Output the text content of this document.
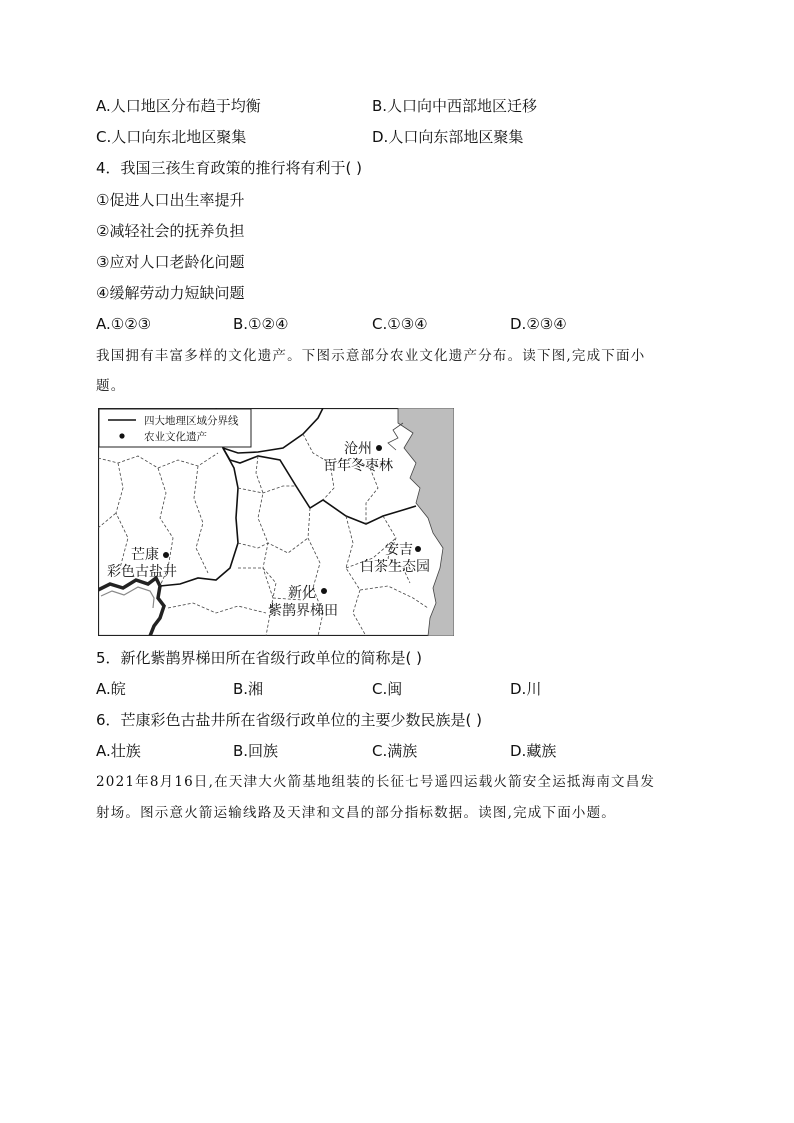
A.人口地区分布趋于均衡	B.人口向中西部地区迁移
C.人口向东北地区聚集	D.人口向东部地区聚集
4．我国三孩生育政策的推行将有利于( )
①促进人口出生率提升
②减轻社会的抚养负担
③应对人口老龄化问题
④缓解劳动力短缺问题
A.①②③	B.①②④	C.①③④	D.②③④
我国拥有丰富多样的文化遗产。下图示意部分农业文化遗产分布。读下图,完成下面小
题。
四大地理区域分界线
农业文化遗产
沧州
百年冬枣林
芒康
彩色古盐井
安吉
白茶生态园
新化
紫鹊界梯田
5．新化紫鹊界梯田所在省级行政单位的简称是( )
A.皖	B.湘	C.闽	D.川
6．芒康彩色古盐井所在省级行政单位的主要少数民族是( )
A.壮族	B.回族	C.满族	D.藏族
2021年8月16日,在天津大火箭基地组装的长征七号遥四运载火箭安全运抵海南文昌发
射场。图示意火箭运输线路及天津和文昌的部分指标数据。读图,完成下面小题。
